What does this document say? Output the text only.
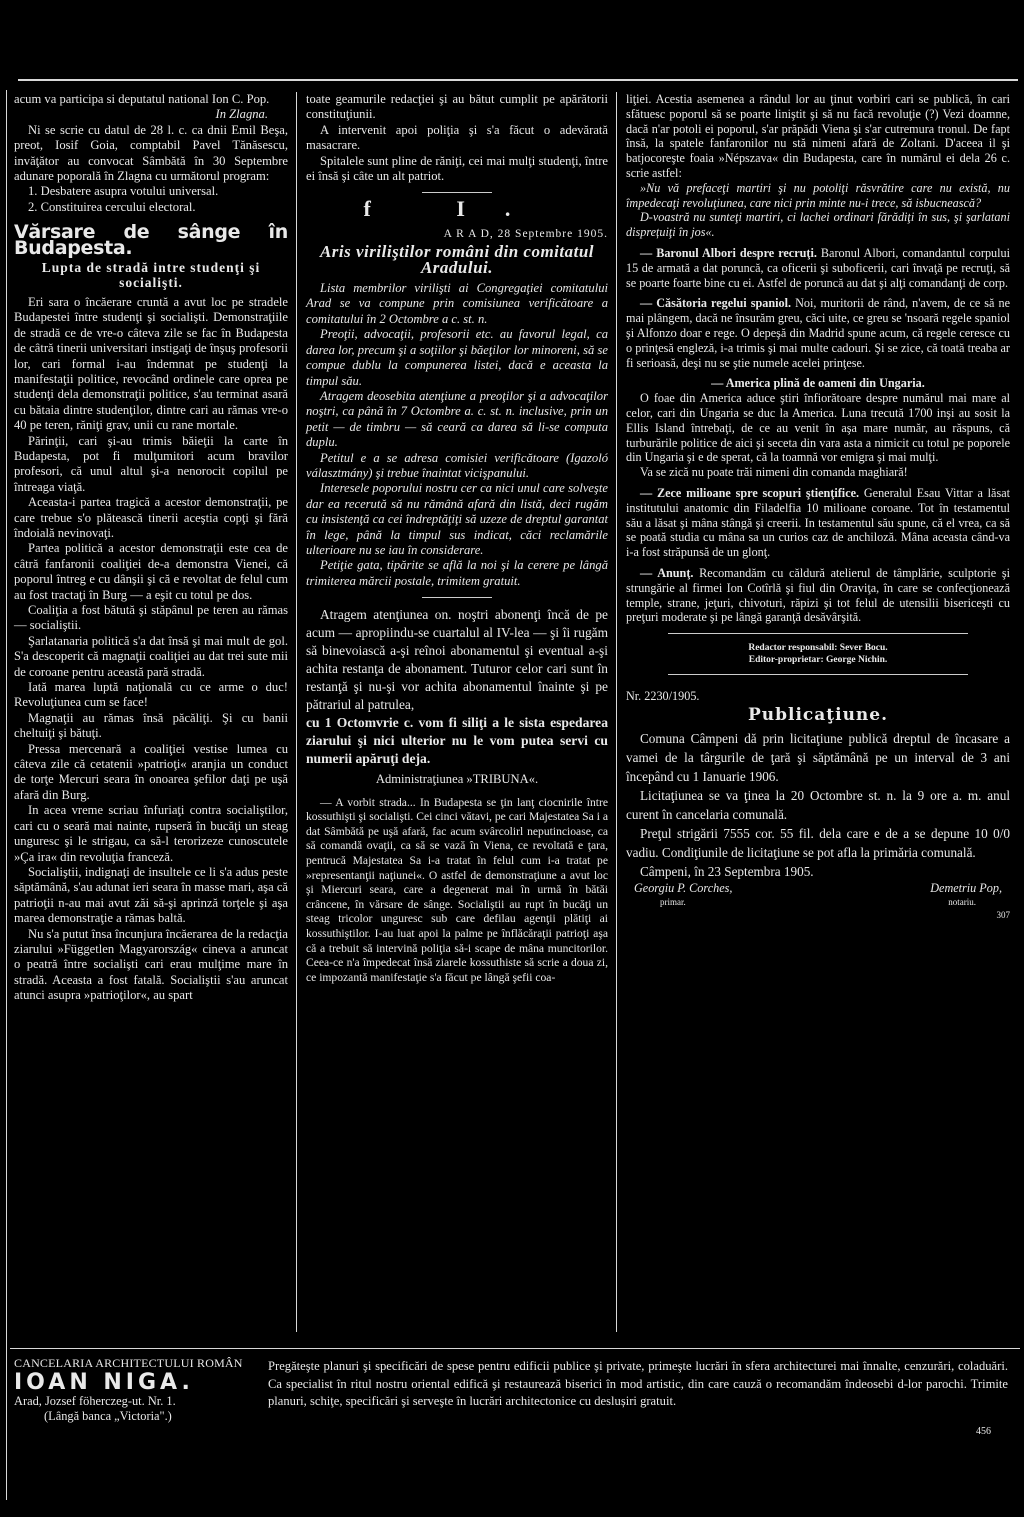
acum va participa si deputatul national Ion C. Pop.

In Zlagna.

Ni se scrie cu datul de 28 l. c. ca dnii Emil Beşa, preot, Iosif Goia, comptabil Pavel Tănăsescu, invăţător au convocat Sâmbătă în 30 Septembre adunare poporală în Zlagna cu următorul program:

1. Desbatere asupra votului universal.

2. Constituirea cercului electoral.

Vărsare de sânge în Budapesta.
Lupta de stradă intre studenţi şi socialişti.

Eri sara o încăerare cruntă a avut loc pe stradele Budapestei între studenţi şi socialişti. Demonstraţiile de stradă ce de vre-o câteva zile se fac în Budapesta de câtră tinerii universitari instigaţi de înşuş profesorii lor, cari formal i-au îndemnat pe studenţi la manifestaţii politice, revocând ordinele care oprea pe studenţi dela demonstraţii politice, s'au terminat asară cu bătaia dintre studenţilor, dintre cari au rămas vre-o 40 pe teren, răniţi grav, unii cu rane mortale.

Părinţii, cari şi-au trimis băieţii la carte în Budapesta, pot fi mulţumitori acum bravilor profesori, că unul altul şi-a nenorocit copilul pe întreaga viaţă.

Aceasta-i partea tragică a acestor demonstraţii, pe care trebue s'o plătească tinerii aceştia copţi şi fără îndoială nevinovaţi.

Partea politică a acestor demonstraţii este cea de câtră fanfaronii coaliţiei de-a demonstra Vienei, că poporul întreg e cu dânşii şi că e revoltat de felul cum au fost tractaţi în Burg — a eşit cu totul pe dos.

Coaliţia a fost bătută şi stăpânul pe teren au rămas — socialiştii.

Şarlatanaria politică s'a dat însă şi mai mult de gol. S'a descoperit că magnaţii coaliţiei au dat trei sute mii de coroane pentru această pară stradă.

Iată marea luptă naţională cu ce arme o duc! Revoluţiunea cum se face!

Magnaţii au rămas însă păcăliţi. Şi cu banii cheltuiţi şi bătuţi.

Pressa mercenară a coaliţiei vestise lumea cu câteva zile că cetatenii »patrioţi« aranjia un conduct de torţe Mercuri seara în onoarea şefilor daţi pe uşă afară din Burg.

In acea vreme scriau înfuriaţi contra socialiştilor, cari cu o seară mai nainte, rupseră în bucăţi un steag unguresc şi le strigau, ca să-l terorizeze cunoscutele »Ça ira« din revoluţia franceză.

Socialiştii, indignaţi de insultele ce li s'a adus peste săptămână, s'au adunat ieri seara în masse mari, aşa că patrioţii n-au mai avut zăi să-şi aprinză torţele şi aşa marea demonstraţie a rămas baltă.

Nu s'a putut însa încunjura încăerarea de la redacţia ziarului »Független Magyarország« cineva a aruncat o peatră între socialişti cari erau mulţime mare în stradă. Aceasta a fost fatală. Socialiştii s'au aruncat atunci asupra »patrioţilor«, au spart

toate geamurile redacţiei şi au bătut cumplit pe apărătorii constituţiunii.

A intervenit apoi poliţia şi s'a făcut o adevărată masacrare.

Spitalele sunt pline de răniţi, cei mai mulţi studenţi, între ei însă şi câte un alt patriot.

f I.

A R A D, 28 Septembre 1905.

Aris viriliştilor români din comitatul Aradului.

Lista membrilor virilişti ai Congregaţiei comitatului Arad se va compune prin comisiunea verificătoare a comitatului în 2 Octombre a c. st. n.

Preoţii, advocaţii, profesorii etc. au favorul legal, ca darea lor, precum şi a soţiilor şi băeţilor lor minoreni, să se compue dublu la compunerea listei, dacă e aceasta la timpul său.

Atragem deosebita atenţiune a preoţilor şi a advocaţilor noştri, ca până în 7 Octombre a. c. st. n. inclusive, prin un petit — de timbru — să ceară ca darea să li-se computa duplu.

Petitul e a se adresa comisiei verificătoare (Igazoló választmány) şi trebue înaintat vicişpanului.

Interesele poporului nostru cer ca nici unul care solveşte dar ea recerută să nu rămână afară din listă, deci rugăm cu insistenţă ca cei îndreptăţiţi să uzeze de dreptul garantat în lege, până la timpul sus indicat, căci reclamările ulterioare nu se iau în considerare.

Petiţie gata, tipărite se află la noi şi la cerere pe lângă trimiterea mărcii postale, trimitem gratuit.

Atragem atenţiunea on. noştri abonenţi încă de pe acum — apropiindu-se cuartalul al IV-lea — şi îi rugăm să binevoiască a-şi reînoi abonamentul şi eventual a-şi achita restanţa de abonament. Tuturor celor cari sunt în restanţă şi nu-şi vor achita abonamentul înainte şi pe pătrariul al patrulea,

cu 1 Octomvrie c. vom fi siliţi a le sista espedarea ziarului şi nici ulterior nu le vom putea servi cu numerii apăruţi deja.

Administraţiunea »TRIBUNA«.

— A vorbit strada... In Budapesta se ţin lanţ ciocnirile între kossuthişti şi socialişti. Cei cinci vătavi, pe cari Majestatea Sa i a dat Sâmbătă pe uşă afară, fac acum svârcolirl neputincioase, ca să comandă ovaţii, ca să se vază în Viena, ce revoltată e ţara, pentrucă Majestatea Sa i-a tratat în felul cum i-a tratat pe »representanţii naţiunei«. O astfel de demonstraţiune a avut loc şi Miercuri seara, care a degenerat mai în urmă în bătăi crâncene, în vărsare de sânge. Socialiştii au rupt în bucăţi un steag tricolor unguresc sub care defilau agenţii plătiţi ai kossuthiştilor. I-au luat apoi la palme pe înflăcăraţii patrioţi aşa că a trebuit să intervină poliţia să-i scape de mâna muncitorilor. Ceea-ce n'a împedecat însă ziarele kossuthiste să scrie a doua zi, ce impozantă manifestaţie s'a făcut pe lângă şefii coa-

liţiei. Acestia asemenea a rândul lor au ţinut vorbiri cari se publică, în cari sfătuesc poporul să se poarte liniştit şi să nu facă revoluţie (?) Vezi doamne, dacă n'ar potoli ei poporul, s'ar prăpădi Viena şi s'ar cutremura tronul. De fapt însă, la spatele fanfaronilor nu stă nimeni afară de Zoltani. D'aceea il şi batjocoreşte foaia »Népszava« din Budapesta, care în numărul ei dela 26 c. scrie astfel:

»Nu vă prefaceţi martiri şi nu potoliţi răsvrătire care nu există, nu împedecaţi revoluţiunea, care nici prin minte nu-i trece, să isbucnească?

D-voastră nu sunteţi martiri, ci lachei ordinari fărădiţi în sus, şi şarlatani disprețuiţi în jos«.

— Baronul Albori despre recruţi. Baronul Albori, comandantul corpului 15 de armată a dat poruncă, ca oficerii şi suboficerii, cari învaţă pe recruţi, să se poarte foarte bine cu ei. Astfel de poruncă au dat şi alţi comandanţi de corp.

— Căsătoria regelui spaniol. Noi, muritorii de rând, n'avem, de ce să ne mai plângem, dacă ne însurăm greu, căci uite, ce greu se 'nsoară regele spaniol şi Alfonzo doar e rege. O depeşă din Madrid spune acum, că regele ceresce cu o prinţesă engleză, i-a trimis şi mai multe cadouri. Şi se zice, că toată treaba ar fi serioasă, deşi nu se ştie numele acelei prinţese.

— America plină de oameni din Ungaria.

O foae din America aduce ştiri înfiorătoare despre numărul mai mare al celor, cari din Ungaria se duc la America. Luna trecută 1700 inşi au sosit la Ellis Island întrebaţi, de ce au venit în aşa mare număr, au răspuns, că turburările politice de aici şi seceta din vara asta a nimicit cu totul pe poporele din Ungaria şi e de sperat, că la toamnă vor emigra şi mai mulţi.

Va se zică nu poate trăi nimeni din comanda maghiară!

— Zece milioane spre scopuri ştienţifice. Generalul Esau Vittar a lăsat institutului anatomic din Filadelfia 10 milioane coroane. Tot în testamentul său a lăsat şi mâna stângă şi creerii. In testamentul său spune, că el vrea, ca să se poată studia cu mâna sa un curios caz de anchiloză. Mâna aceasta când-va i-a fost străpunsă de un glonţ.

— Anunţ. Recomandăm cu căldură atelierul de tâmplărie, sculptorie şi strungărie al firmei Ion Cotîrlă şi fiul din Oraviţa, în care se confecţionează temple, strane, jeţuri, chivoturi, răpizi şi tot felul de utensilii bisericeşti cu preţuri moderate şi pe lângă garanţă desăvârşită.

Redactor responsabil: Sever Bocu.

Editor-proprietar: George Nichin.

Nr. 2230/1905.

Publicaţiune.

Comuna Câmpeni dă prin licitaţiune publică dreptul de încasare a vamei de la târgurile de ţară şi săptămână pe un interval de 3 ani începând cu 1 Ianuarie 1906.

Licitaţiunea se va ţinea la 20 Octombre st. n. la 9 ore a. m. anul curent în cancelaria comunală.

Preţul strigării 7555 cor. 55 fil. dela care e de a se depune 10 0/0 vadiu. Condiţiunile de licitaţiune se pot afla la primăria comunală.

Câmpeni, în 23 Septembra 1905.

Georgiu P. Corches,	Demetriu Pop,
primar.	notariu.

307

CANCELARIA ARCHITECTULUI ROMÂN
IOAN NIGA.
Arad, Jozsef föherczeg-ut. Nr. 1.
(Lângă banca „Victoria".)
Pregăteşte planuri şi specificări de spese pentru edificii publice şi private, primeşte lucrări în sfera architecturei mai înnalte, cenzurări, coladuări. Ca specialist în ritul nostru oriental edifică şi restaurează biserici în mod artistic, din care cauză o recomandăm îndeosebi d-lor parochi. Trimite planuri, schiţe, specificări şi serveşte în lucrări architectonice cu deslușiri gratuit.
456
